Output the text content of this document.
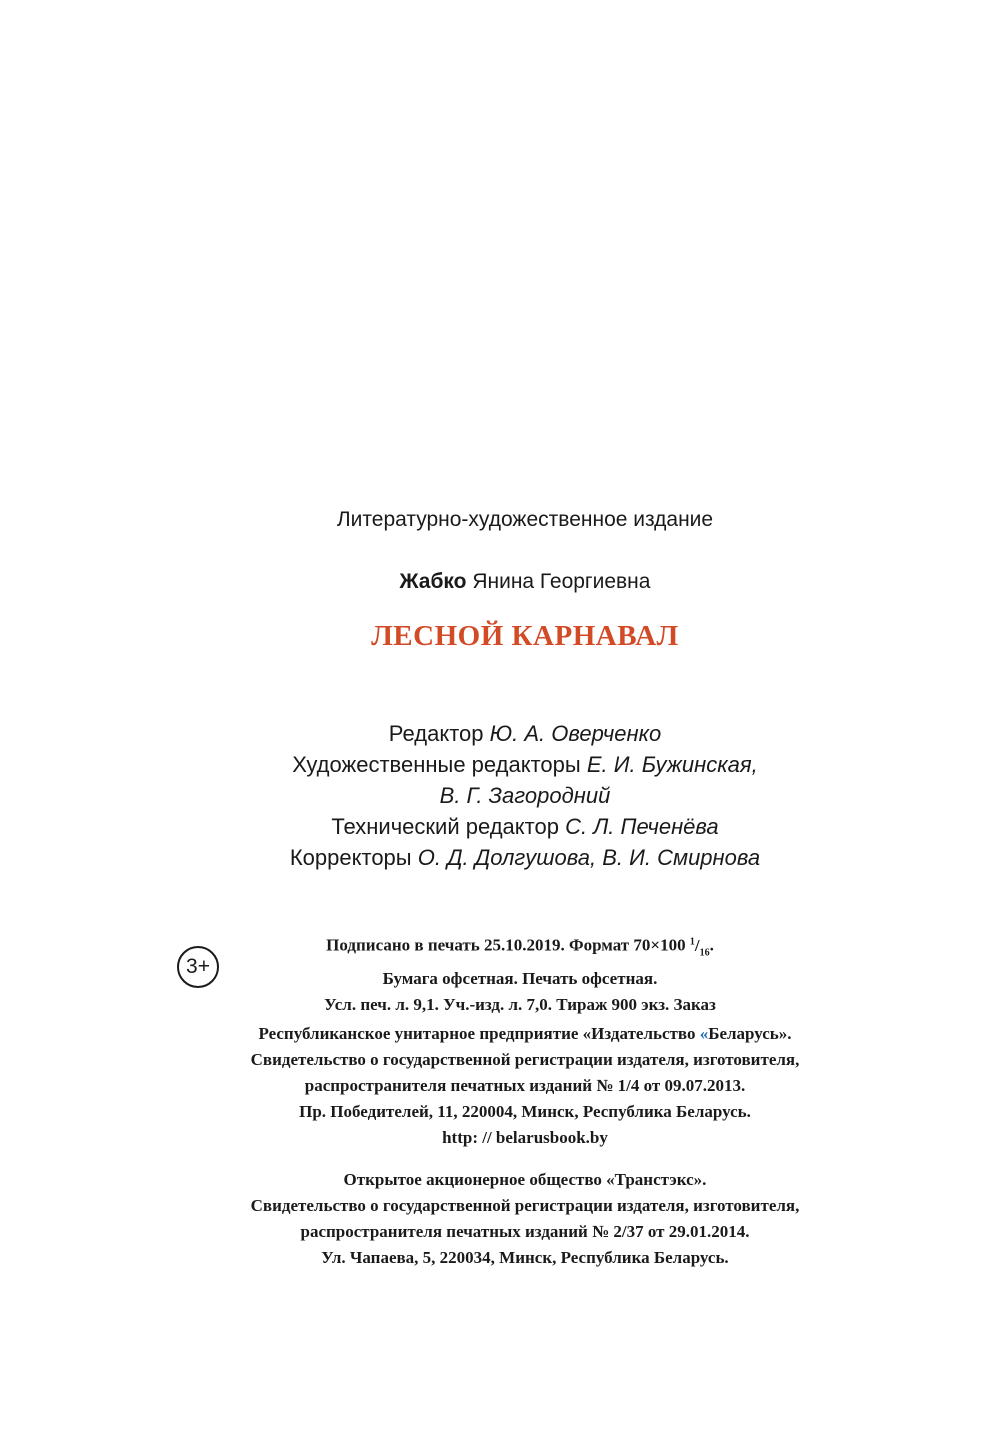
Литературно-художественное издание
Жабко Янина Георгиевна
ЛЕСНОЙ КАРНАВАЛ
Редактор Ю. А. Оверченко
Художественные редакторы Е. И. Бужинская,
В. Г. Загородний
Технический редактор С. Л. Печенёва
Корректоры О. Д. Долгушова, В. И. Смирнова
3+
Подписано в печать 25.10.2019. Формат 70×100 $^1/_{16}$.
Бумага офсетная. Печать офсетная.
Усл. печ. л. 9,1. Уч.-изд. л. 7,0. Тираж 900 экз. Заказ
Республиканское унитарное предприятие «Издательство «Беларусь».
Свидетельство о государственной регистрации издателя, изготовителя,
распространителя печатных изданий № 1/4 от 09.07.2013.
Пр. Победителей, 11, 220004, Минск, Республика Беларусь.
http: // belarusbook.by
Открытое акционерное общество «Транстэкс».
Свидетельство о государственной регистрации издателя, изготовителя,
распространителя печатных изданий № 2/37 от 29.01.2014.
Ул. Чапаева, 5, 220034, Минск, Республика Беларусь.
